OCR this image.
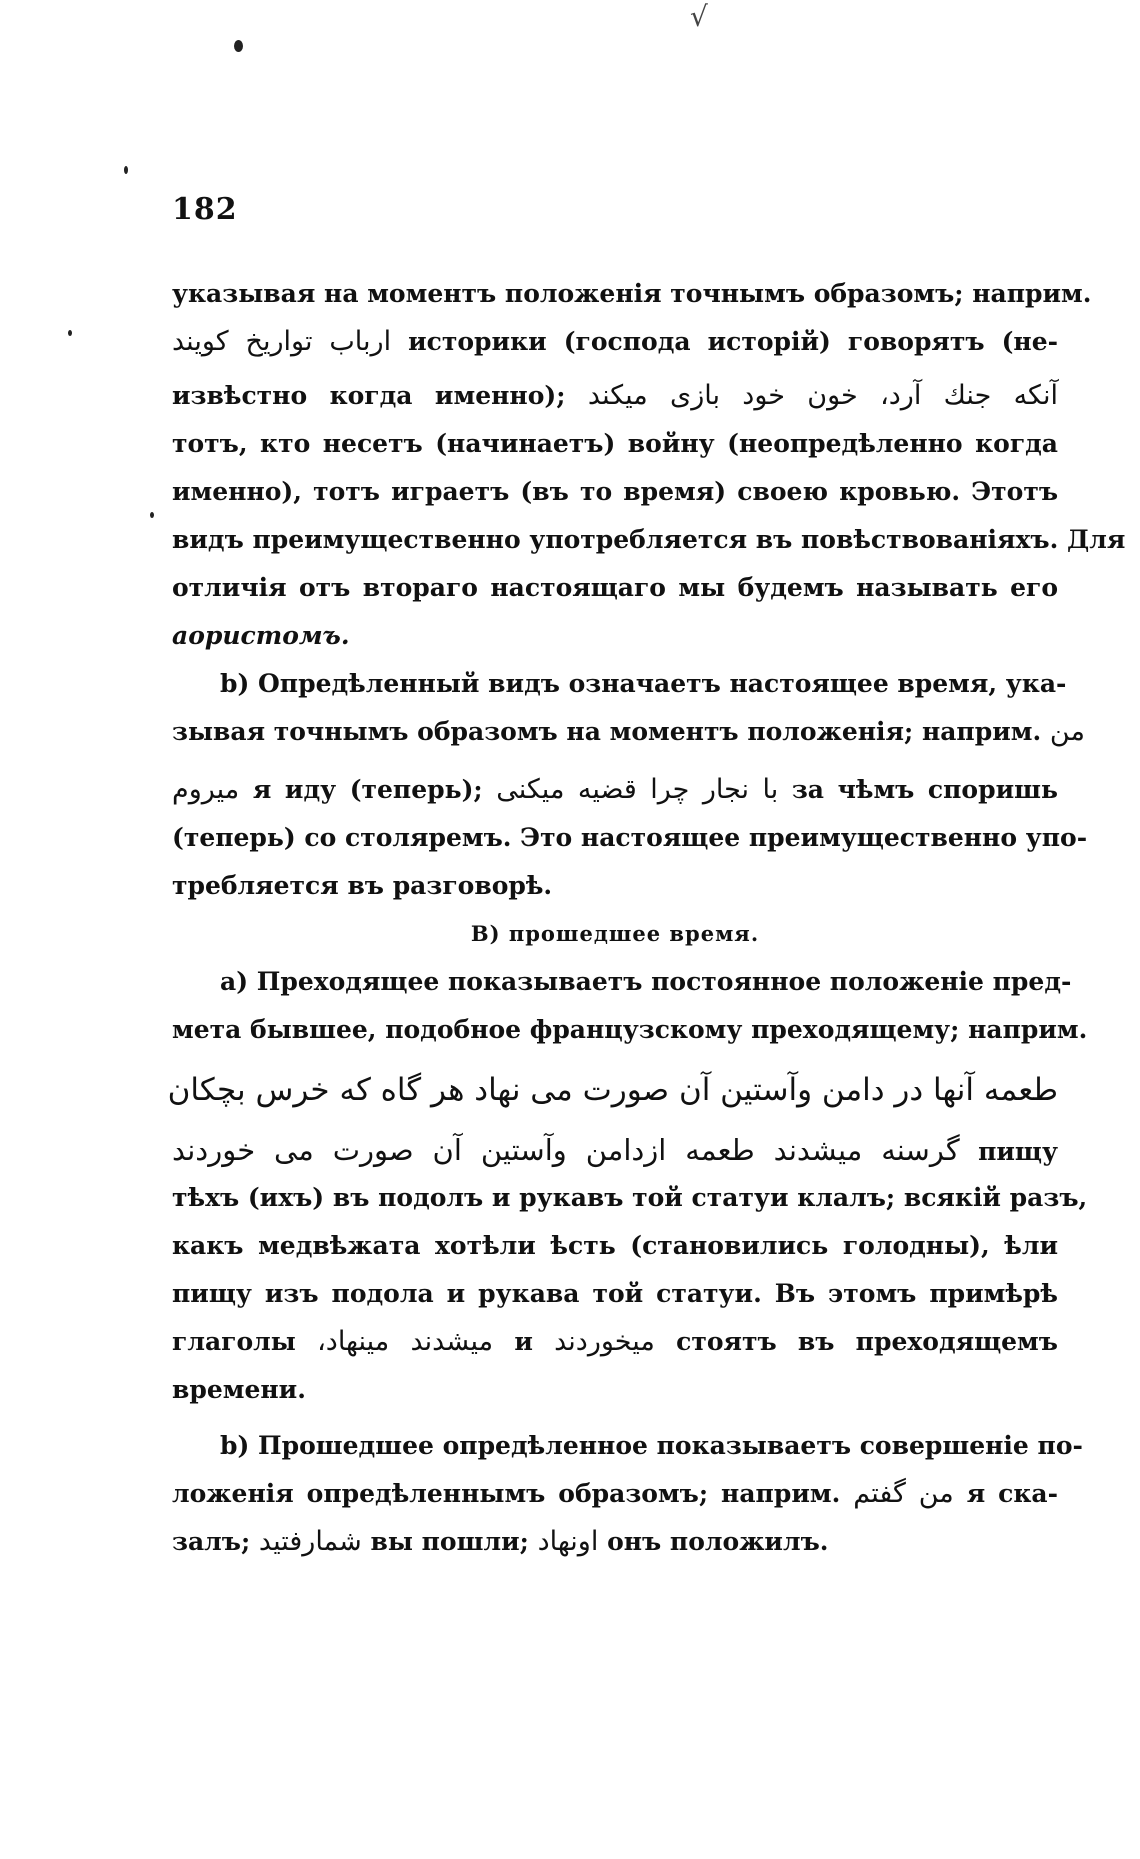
√
182
указывая на моментъ положенія точнымъ образомъ; наприм.
ارباب تواریخ کویند историки (господа исторій) говорятъ (не-
извѣстно когда именно); آنکه جنك آرد، خون خود بازی میکند
тотъ, кто несетъ (начинаетъ) войну (неопредѣленно когда
именно), тотъ играетъ (въ то время) своею кровью. Этотъ
видъ преимущественно употребляется въ повѣствованіяхъ. Для
отличія отъ втораго настоящаго мы будемъ называть его
аористомъ.
b) Опредѣленный видъ означаетъ настоящее время, ука-
зывая точнымъ образомъ на моментъ положенія; наприм. من
میروم я иду (теперь); با نجار چرا قضیه میکنی за чѣмъ споришь
(теперь) со столяремъ. Это настоящее преимущественно упо-
требляется въ разговорѣ.
В) прошедшее время.
a) Преходящее показываетъ постоянное положеніе пред-
мета бывшее, подобное французскому преходящему; наприм.
طعمه آنها در دامن وآستین آن صورت می نهاد هر گاه که خرس بچکان
گرسنه میشدند طعمه ازدامن وآستین آن صورت می خوردند пищу
тѣхъ (ихъ) въ подолъ и рукавъ той статуи клалъ; всякій разъ,
какъ медвѣжата хотѣли ѣсть (становились голодны), ѣли
пищу изъ подола и рукава той статуи. Въ этомъ примѣрѣ
глаголы مینهاد، میشدند и میخوردند стоятъ въ преходящемъ
времени.
b) Прошедшее опредѣленное показываетъ совершеніе по-
ложенія опредѣленнымъ образомъ; наприм. من گفتم я ска-
залъ; شمارفتید вы пошли; اونهاد онъ положилъ.
